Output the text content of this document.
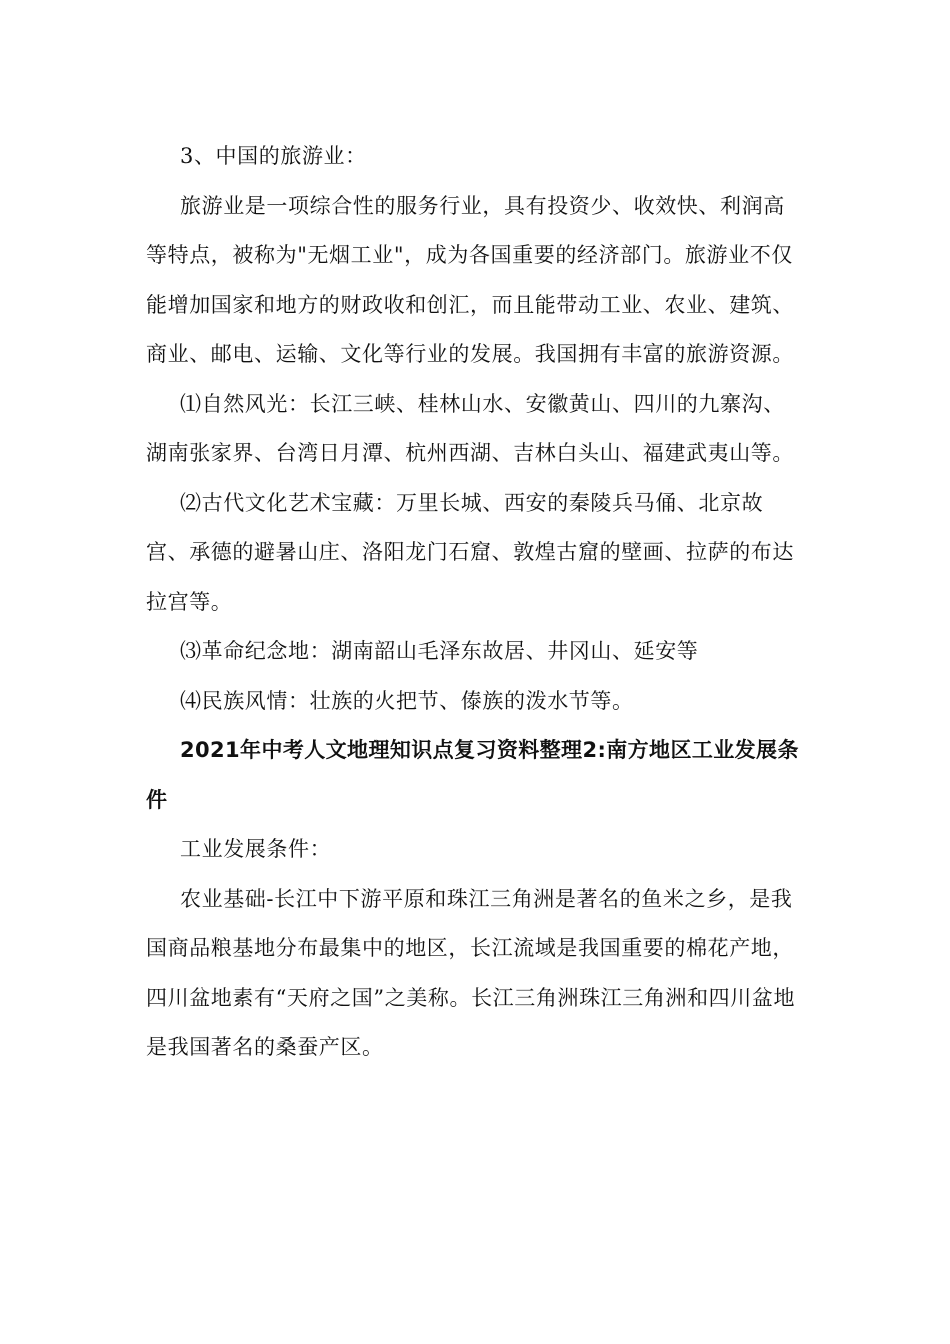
3、中国的旅游业：

旅游业是一项综合性的服务行业，具有投资少、收效快、利润高等特点，被称为"无烟工业"，成为各国重要的经济部门。旅游业不仅能增加国家和地方的财政收和创汇，而且能带动工业、农业、建筑、商业、邮电、运输、文化等行业的发展。我国拥有丰富的旅游资源。

⑴自然风光：长江三峡、桂林山水、安徽黄山、四川的九寨沟、湖南张家界、台湾日月潭、杭州西湖、吉林白头山、福建武夷山等。

⑵古代文化艺术宝藏：万里长城、西安的秦陵兵马俑、北京故宫、承德的避暑山庄、洛阳龙门石窟、敦煌古窟的壁画、拉萨的布达拉宫等。

⑶革命纪念地：湖南韶山毛泽东故居、井冈山、延安等

⑷民族风情：壮族的火把节、傣族的泼水节等。

2021年中考人文地理知识点复习资料整理2:南方地区工业发展条件

工业发展条件：

农业基础-长江中下游平原和珠江三角洲是著名的鱼米之乡，是我国商品粮基地分布最集中的地区，长江流域是我国重要的棉花产地，四川盆地素有“天府之国”之美称。长江三角洲珠江三角洲和四川盆地是我国著名的桑蚕产区。
